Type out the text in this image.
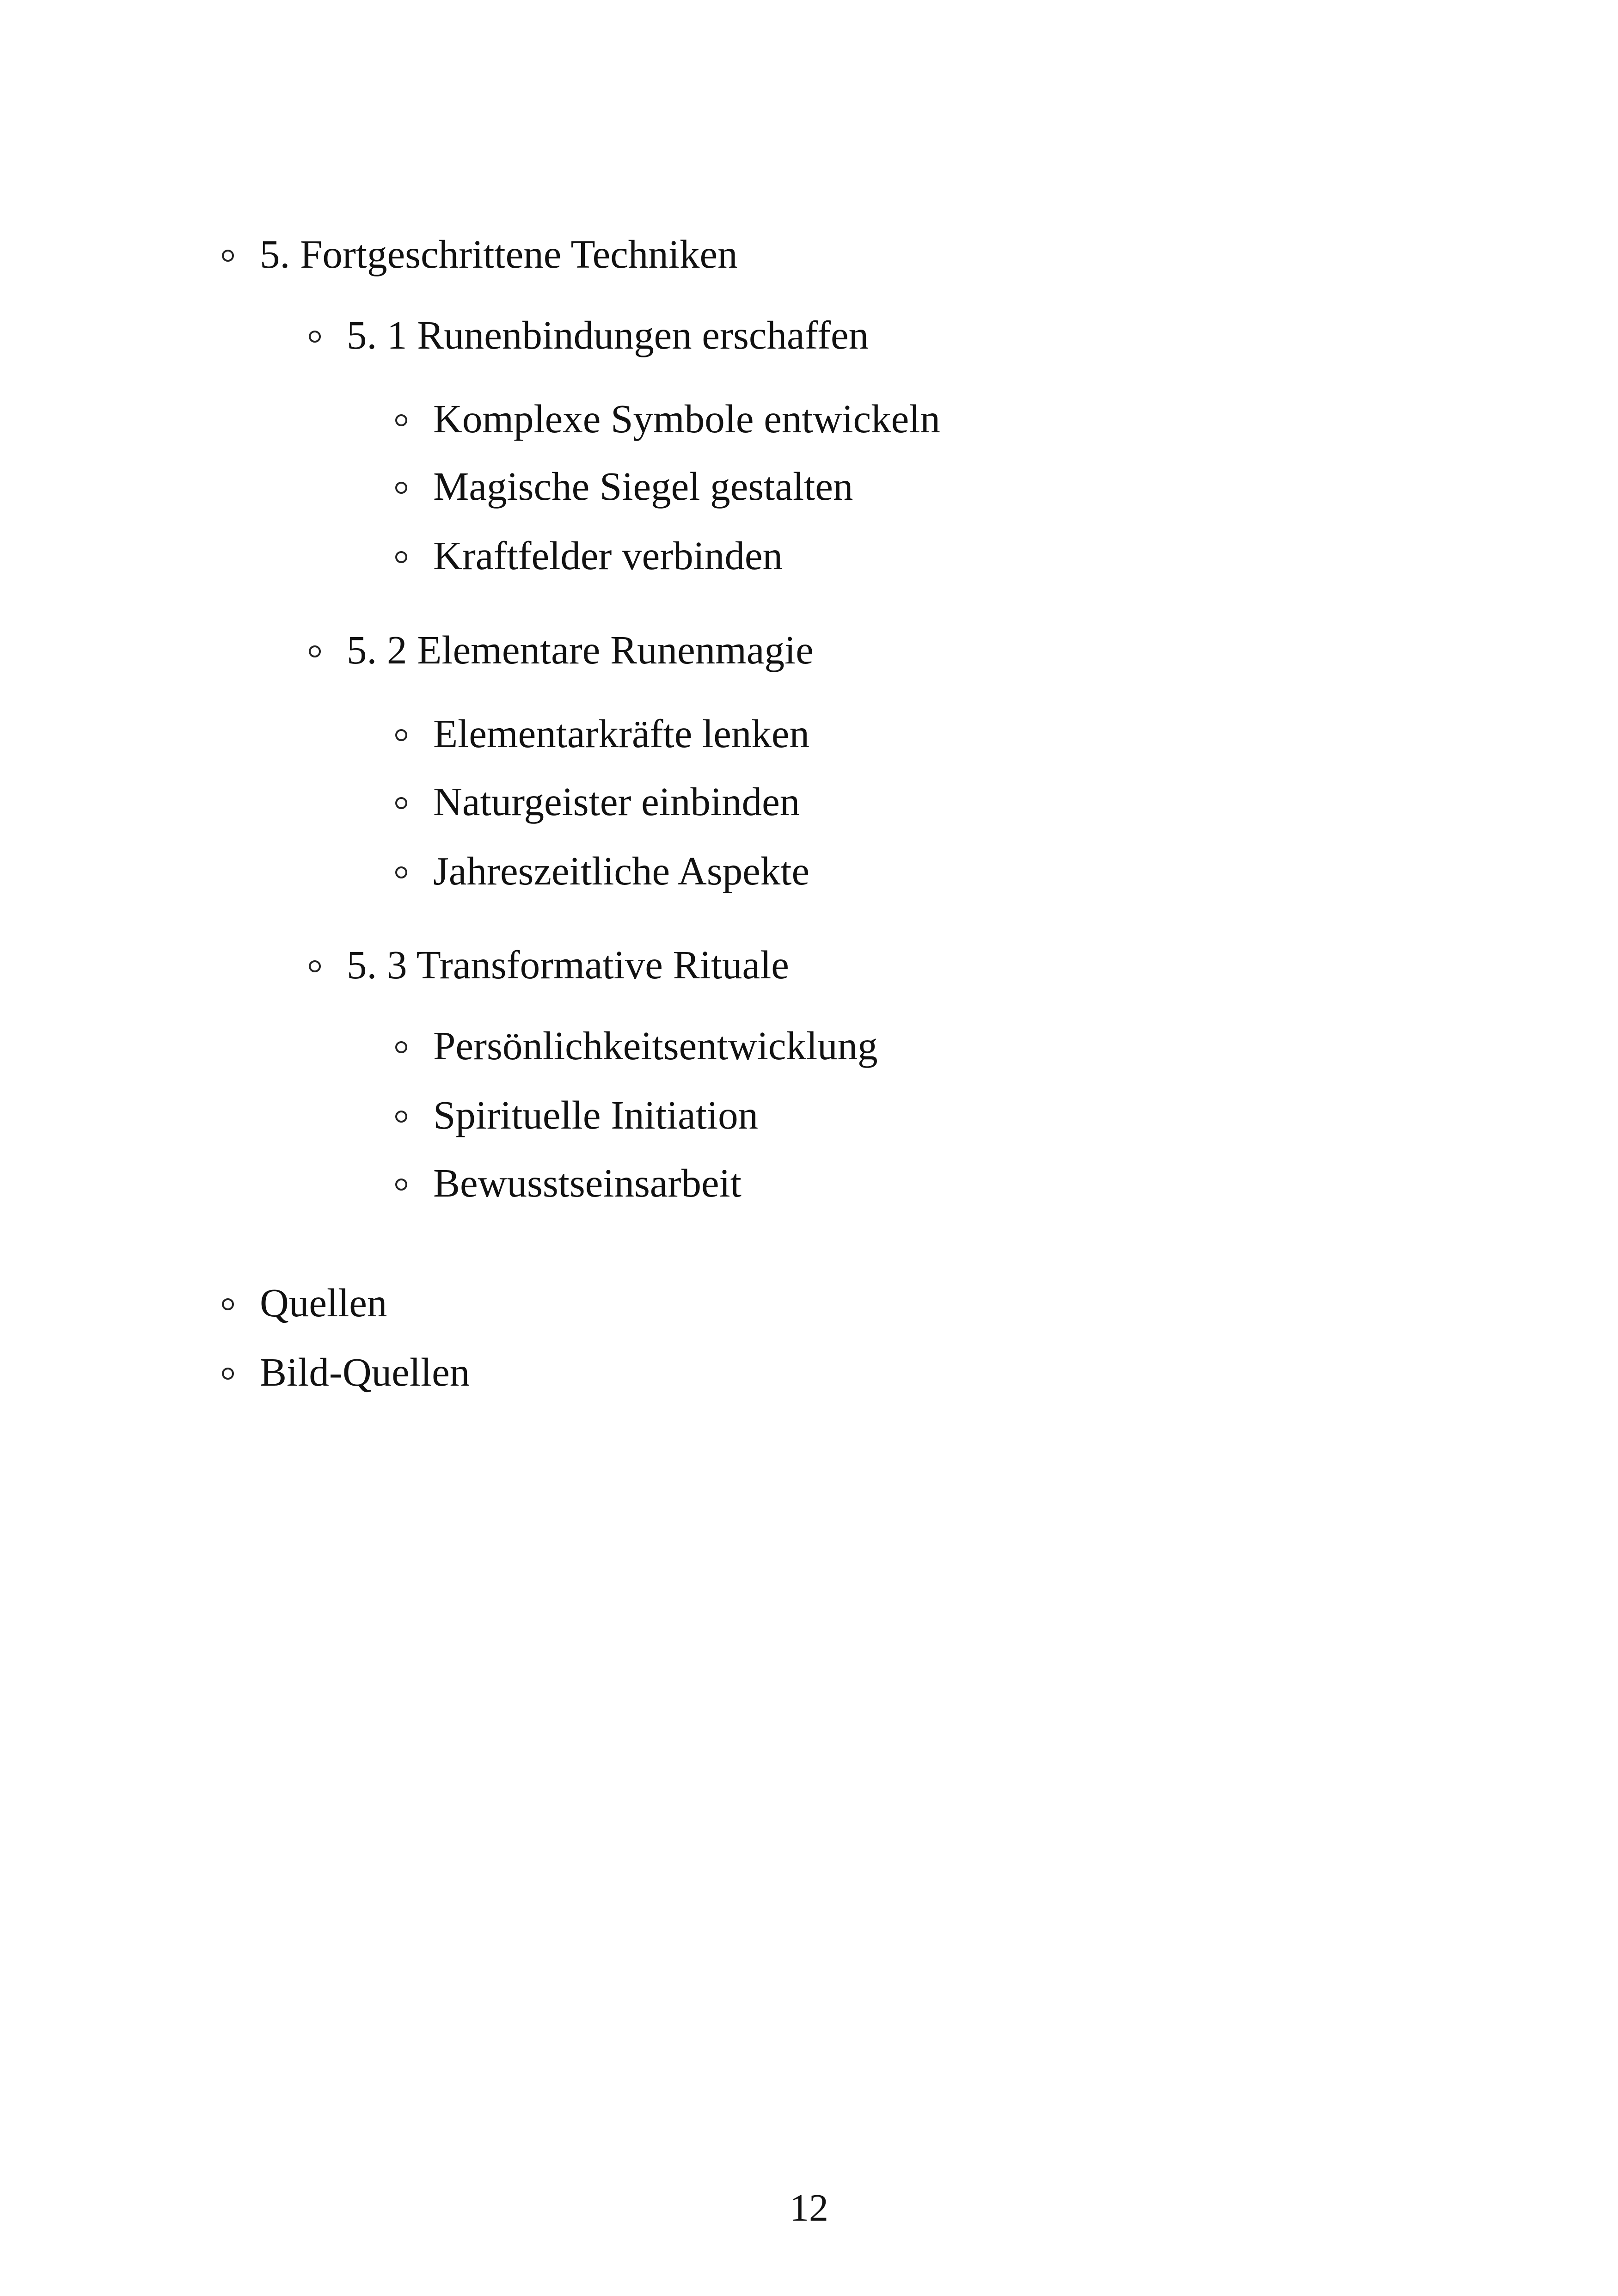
5. Fortgeschrittene Techniken
5. 1 Runenbindungen erschaffen
Komplexe Symbole entwickeln
Magische Siegel gestalten
Kraftfelder verbinden
5. 2 Elementare Runenmagie
Elementarkräfte lenken
Naturgeister einbinden
Jahreszeitliche Aspekte
5. 3 Transformative Rituale
Persönlichkeitsentwicklung
Spirituelle Initiation
Bewusstseinsarbeit
Quellen
Bild-Quellen
12
